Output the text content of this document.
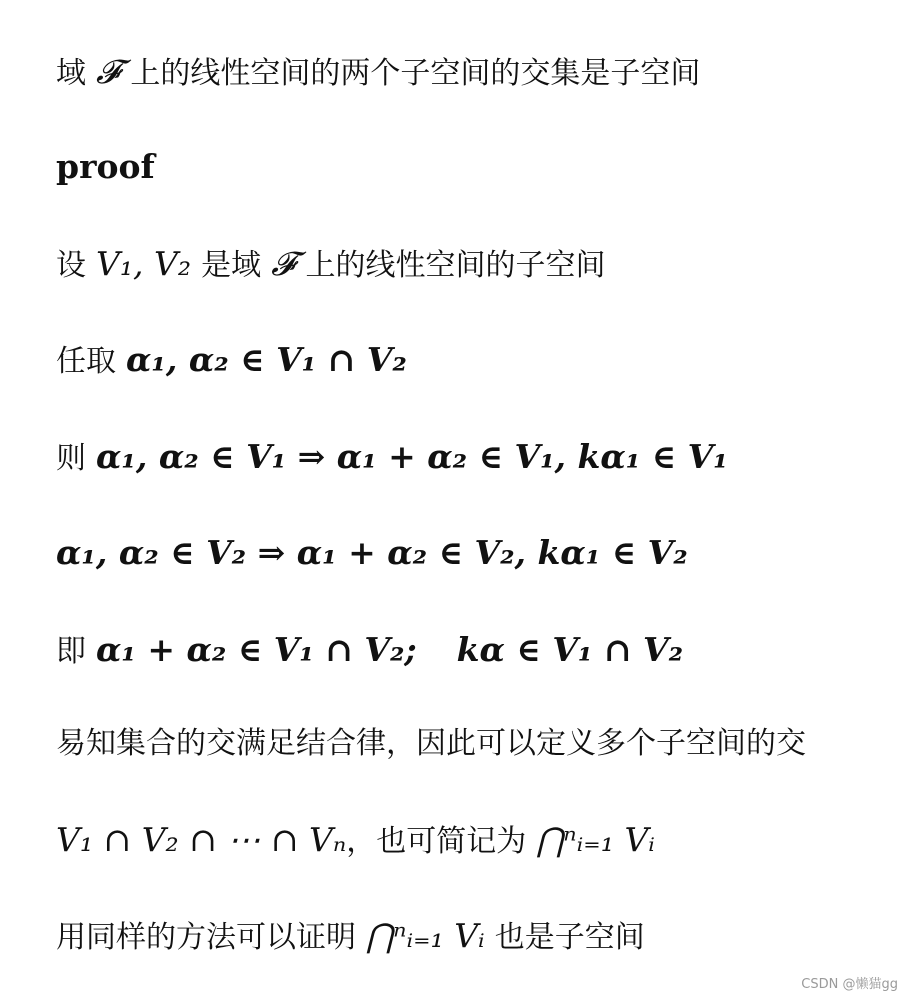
域 𝓕 上的线性空间的两个子空间的交集是子空间
proof
设 V₁, V₂ 是域 𝓕 上的线性空间的子空间
任取 α₁, α₂ ∈ V₁ ∩ V₂
则 α₁, α₂ ∈ V₁ ⇒ α₁ + α₂ ∈ V₁, kα₁ ∈ V₁
α₁, α₂ ∈ V₂ ⇒ α₁ + α₂ ∈ V₂, kα₁ ∈ V₂
即 α₁ + α₂ ∈ V₁ ∩ V₂; kα ∈ V₁ ∩ V₂
易知集合的交满足结合律，因此可以定义多个子空间的交
V₁ ∩ V₂ ∩ ⋯ ∩ Vₙ ，也可简记为 ⋂ⁿᵢ₌₁ Vᵢ
用同样的方法可以证明 ⋂ⁿᵢ₌₁ Vᵢ 也是子空间
CSDN @懒猫gg
